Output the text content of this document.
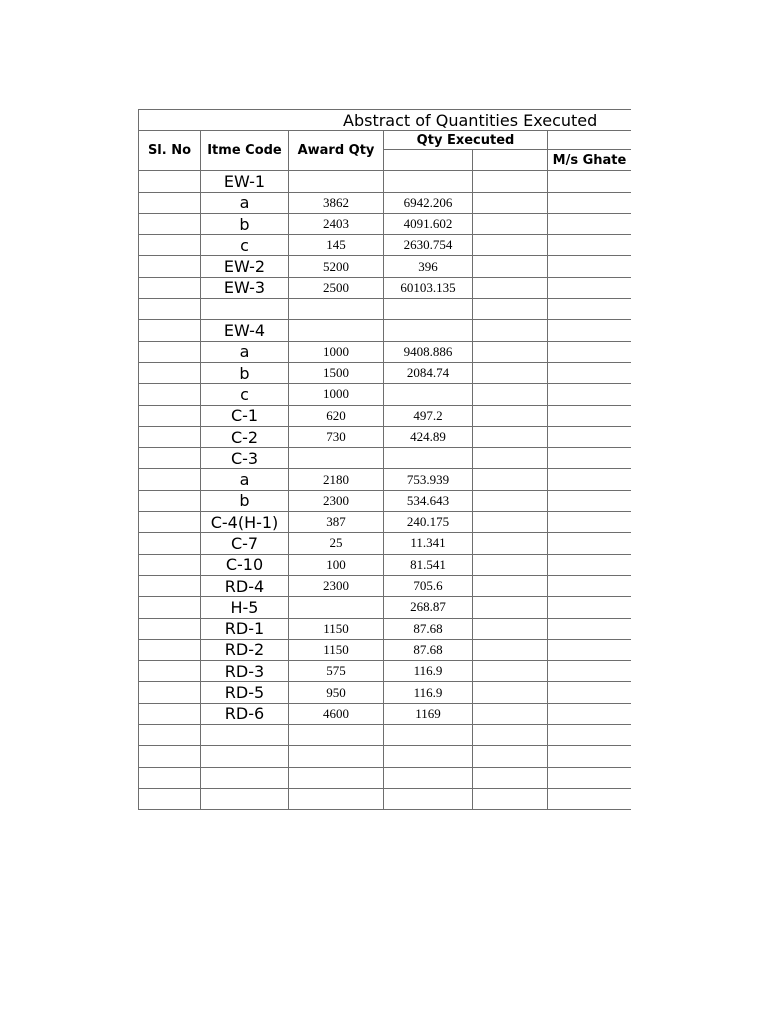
Abstract of Quantities Executed						
Sl. No	Itme Code	Award Qty	Qty Executed			
					M/s Ghate	
	EW-1					
	a	3862	6942.206			
	b	2403	4091.602			
	c	145	2630.754			
	EW-2	5200	396			
	EW-3	2500	60103.135			

	EW-4					
	a	1000	9408.886			
	b	1500	2084.74			
	c	1000				
	C-1	620	497.2			
	C-2	730	424.89			
	C-3					
	a	2180	753.939			
	b	2300	534.643			
	C-4(H-1)	387	240.175			
	C-7	25	11.341			
	C-10	100	81.541			
	RD-4	2300	705.6			
	H-5		268.87			
	RD-1	1150	87.68			
	RD-2	1150	87.68			
	RD-3	575	116.9			
	RD-5	950	116.9			
	RD-6	4600	1169			
